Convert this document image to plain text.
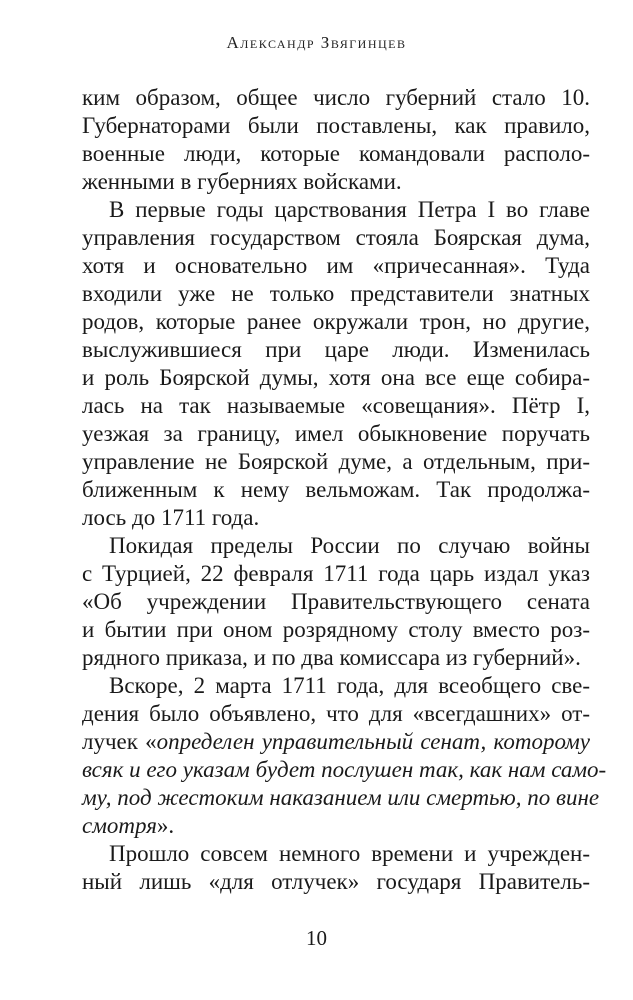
Александр Звягинцев
ким образом, общее число губерний стало 10.
Губернаторами были поставлены, как правило,
военные люди, которые командовали располо-
женными в губерниях войсками.
В первые годы царствования Петра I во главе
управления государством стояла Боярская дума,
хотя и основательно им «причесанная». Туда
входили уже не только представители знатных
родов, которые ранее окружали трон, но другие,
выслужившиеся при царе люди. Изменилась
и роль Боярской думы, хотя она все еще собира-
лась на так называемые «совещания». Пётр I,
уезжая за границу, имел обыкновение поручать
управление не Боярской думе, а отдельным, при-
ближенным к нему вельможам. Так продолжа-
лось до 1711 года.
Покидая пределы России по случаю войны
с Турцией, 22 февраля 1711 года царь издал указ
«Об учреждении Правительствующего сената
и бытии при оном розрядному столу вместо роз-
рядного приказа, и по два комиссара из губерний».
Вскоре, 2 марта 1711 года, для всеобщего све-
дения было объявлено, что для «всегдашних» от-
лучек «определен управительный сенат, которому
всяк и его указам будет послушен так, как нам само-
му, под жестоким наказанием или смертью, по вине
смотря».
Прошло совсем немного времени и учрежден-
ный лишь «для отлучек» государя Правитель-
10
